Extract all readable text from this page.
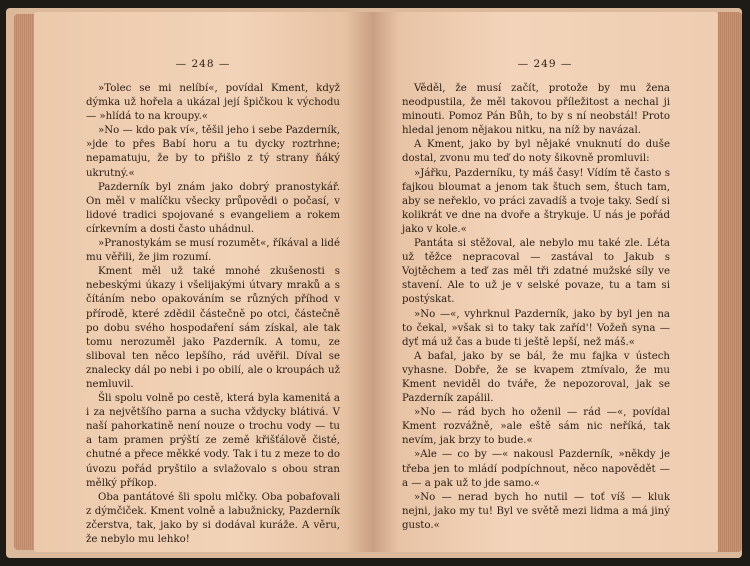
— 248 —

»Tolec se mi nelíbí«, povídal Kment, když dýmka už hořela a ukázal její špičkou k východu — »hlídá to na kroupy.«

»No — kdo pak ví«, těšil jeho i sebe Pazderník, »jde to přes Babí horu a tu dycky roztrhne; nepamatuju, že by to přišlo z tý strany ňáký ukrutný.«

Pazderník byl znám jako dobrý pranostykář. On měl v malíčku všecky průpovědi o počasí, v lidové tradici spojované s evangeliem a rokem církevním a dosti často uhádnul.

»Pranostykám se musí rozumět«, říkával a lidé mu věřili, že jim rozumí.

Kment měl už také mnohé zkušenosti s nebeskými úkazy i všelijakými útvary mraků a s čítáním nebo opakováním se různých příhod v přírodě, které zdědil částečně po otci, částečně po dobu svého hospodaření sám získal, ale tak tomu nerozuměl jako Pazderník. A tomu, ze sliboval ten něco lepšího, rád uvěřil. Díval se znalecky dál po nebi i po obilí, ale o kroupách už nemluvil.

Šli spolu volně po cestě, která byla kamenitá a i za největšího parna a sucha vždycky blátivá. V naší pahorkatině není nouze o trochu vody — tu a tam pramen prýští ze země křišťálově čisté, chutné a přece měkké vody. Tak i tu z meze to do úvozu pořád pryštilo a svlažovalo s obou stran mělký příkop.

Oba pantátové šli spolu mlčky. Oba pobafovali z dýmčiček. Kment volně a labužnicky, Pazderník zčerstva, tak, jako by si dodával kuráže. A věru, že nebylo mu lehko!

— 249 —

Věděl, že musí začít, protože by mu žena neodpustila, že měl takovou příležitost a nechal ji minouti. Pomoz Pán Bůh, to by s ní neobstál! Proto hledal jenom nějakou nitku, na níž by navázal.

A Kment, jako by byl nějaké vnuknutí do duše dostal, zvonu mu teď do noty šikovně promluvil:

»Jářku, Pazderníku, ty máš časy! Vídím tě často s fajkou bloumat a jenom tak štuch sem, štuch tam, aby se neřeklo, vo práci zavadíš a tvoje taky. Sedí si kolikrát ve dne na dvoře a štrykuje. U nás je pořád jako v kole.«

Pantáta si stěžoval, ale nebylo mu také zle. Léta už těžce nepracoval — zastával to Jakub s Vojtěchem a teď zas měl tři zdatné mužské síly ve stavení. Ale to už je v selské povaze, tu a tam si postýskat.

»No —«, vyhrknul Pazderník, jako by byl jen na to čekal, »však si to taky tak zaříd'! Vožeň syna — dyť má už čas a bude ti ještě lepší, než máš.«

A bafal, jako by se bál, že mu fajka v ústech vyhasne. Dobře, že se kvapem ztmívalo, že mu Kment neviděl do tváře, že nepozoroval, jak se Pazderník zapálil.

»No — rád bych ho oženil — rád —«, povídal Kment rozvážně, »ale eště sám nic neříká, tak nevím, jak brzy to bude.«

»Ale — co by —« nakousl Pazderník, »někdy je třeba jen to mládí podpíchnout, něco napovědět — a — a pak už to jde samo.«

»No — nerad bych ho nutil — toť víš — kluk nejni, jako my tu! Byl ve světě mezi lidma a má jiný gusto.«
